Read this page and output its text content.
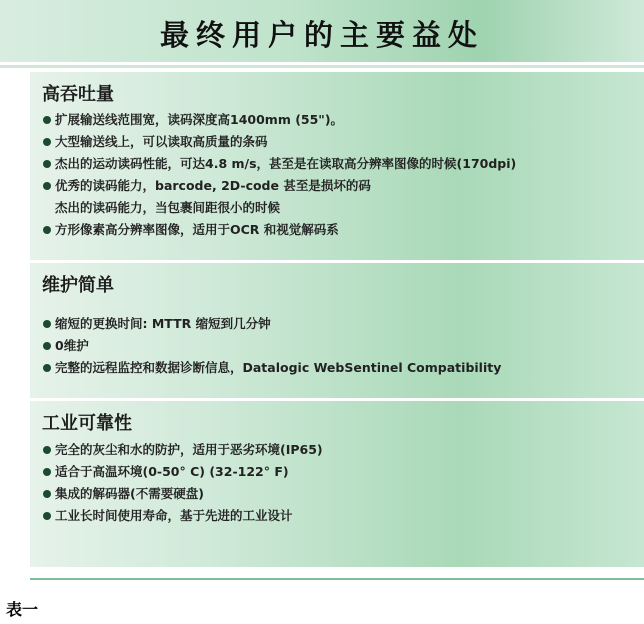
最终用户的主要益处
高吞吐量
扩展输送线范围宽，读码深度高1400mm (55")。
大型输送线上，可以读取高质量的条码
杰出的运动读码性能，可达4.8 m/s，甚至是在读取高分辨率图像的时候(170dpi)
优秀的读码能力，barcode, 2D-code 甚至是损坏的码
杰出的读码能力，当包裹间距很小的时候
方形像素高分辨率图像，适用于OCR 和视觉解码系
维护简单
缩短的更换时间: MTTR 缩短到几分钟
0维护
完整的远程监控和数据诊断信息，Datalogic WebSentinel Compatibility
工业可靠性
完全的灰尘和水的防护，适用于恶劣环境(IP65)
适合于高温环境(0-50° C) (32-122° F)
集成的解码器(不需要硬盘)
工业长时间使用寿命，基于先进的工业设计
表一
